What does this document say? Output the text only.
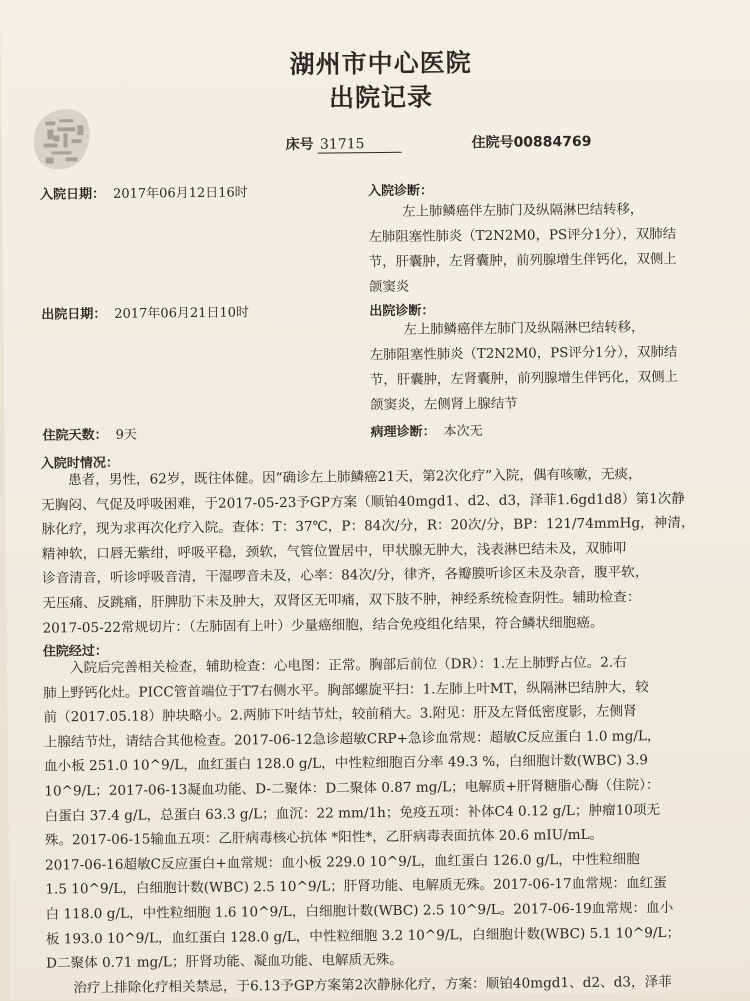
湖州市中心医院
出院记录
床号 31715	住院号00884769
入院日期： 2017年06月12日16时	入院诊断：
左上肺鳞癌伴左肺门及纵隔淋巴结转移，
左肺阻塞性肺炎（T2N2M0，PS评分1分），双肺结
节，肝囊肿，左肾囊肿，前列腺增生伴钙化，双侧上
颌窦炎
出院日期： 2017年06月21日10时	出院诊断：
左上肺鳞癌伴左肺门及纵隔淋巴结转移，
左肺阻塞性肺炎（T2N2M0，PS评分1分），双肺结
节，肝囊肿，左肾囊肿，前列腺增生伴钙化，双侧上
颌窦炎，左侧肾上腺结节
住院天数： 9天	病理诊断： 本次无
入院时情况：
患者，男性，62岁，既往体健。因“确诊左上肺鳞癌21天，第2次化疗”入院，偶有咳嗽，无痰，
无胸闷、气促及呼吸困难，于2017-05-23予GP方案（顺铂40mgd1、d2、d3，泽菲1.6gd1d8）第1次静
脉化疗，现为求再次化疗入院。查体：T：37℃，P：84次/分，R：20次/分，BP：121/74mmHg，神清，
精神软，口唇无紫绀，呼吸平稳，颈软，气管位置居中，甲状腺无肿大，浅表淋巴结未及，双肺叩
诊音清音，听诊呼吸音清，干湿啰音未及，心率：84次/分，律齐，各瓣膜听诊区未及杂音，腹平软，
无压痛、反跳痛，肝脾肋下未及肿大，双肾区无叩痛，双下肢不肿，神经系统检查阴性。辅助检查：
2017-05-22常规切片：（左肺固有上叶）少量癌细胞，结合免疫组化结果，符合鳞状细胞癌。
住院经过：
入院后完善相关检查，辅助检查：心电图：正常。胸部后前位（DR）：1.左上肺野占位。2.右
肺上野钙化灶。PICC管首端位于T7右侧水平。胸部螺旋平扫：1.左肺上叶MT，纵隔淋巴结肿大，较
前（2017.05.18）肿块略小。2.两肺下叶结节灶，较前稍大。3.附见：肝及左肾低密度影，左侧肾
上腺结节灶，请结合其他检查。2017-06-12急诊超敏CRP+急诊血常规：超敏C反应蛋白 1.0 mg/L，
血小板 251.0 10^9/L，血红蛋白 128.0 g/L，中性粒细胞百分率 49.3 %，白细胞计数(WBC) 3.9
10^9/L；2017-06-13凝血功能、D-二聚体：D二聚体 0.87 mg/L；电解质+肝肾糖脂心酶（住院）：
白蛋白 37.4 g/L，总蛋白 63.3 g/L；血沉：22 mm/1h；免疫五项：补体C4 0.12 g/L；肿瘤10项无
殊。2017-06-15输血五项：乙肝病毒核心抗体 *阳性*，乙肝病毒表面抗体 20.6 mIU/mL。
2017-06-16超敏C反应蛋白+血常规：血小板 229.0 10^9/L，血红蛋白 126.0 g/L，中性粒细胞
1.5 10^9/L，白细胞计数(WBC) 2.5 10^9/L；肝肾功能、电解质无殊。2017-06-17血常规：血红蛋
白 118.0 g/L，中性粒细胞 1.6 10^9/L，白细胞计数(WBC) 2.5 10^9/L。2017-06-19血常规：血小
板 193.0 10^9/L，血红蛋白 128.0 g/L，中性粒细胞 3.2 10^9/L，白细胞计数(WBC) 5.1 10^9/L；
D二聚体 0.71 mg/L；肝肾功能、凝血功能、电解质无殊。
治疗上排除化疗相关禁忌，于6.13予GP方案第2次静脉化疗，方案：顺铂40mgd1、d2、d3，泽菲
